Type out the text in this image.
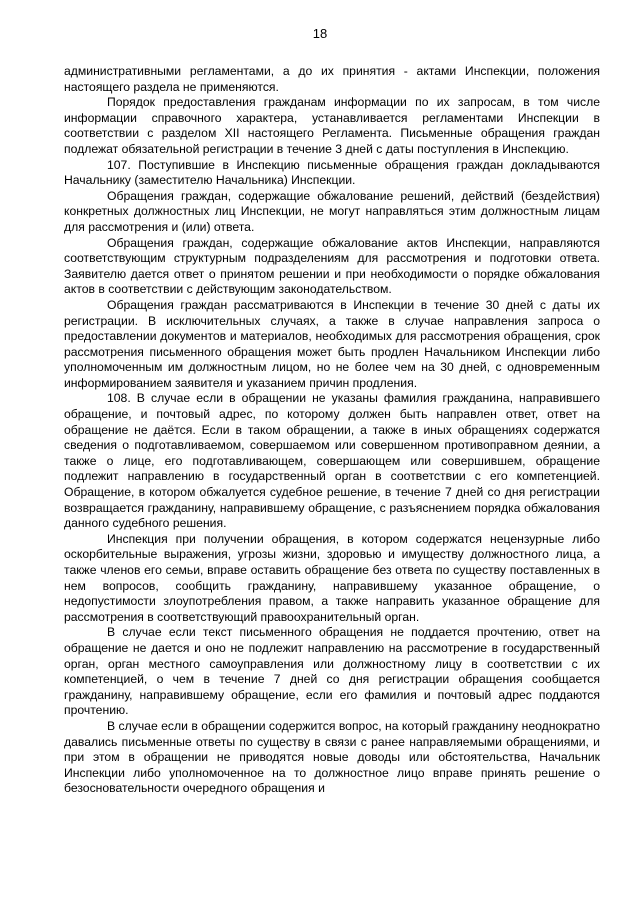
18

административными регламентами, а до их принятия - актами Инспекции, положения настоящего раздела не применяются.

Порядок предоставления гражданам информации по их запросам, в том числе информации справочного характера, устанавливается регламентами Инспекции в соответствии с разделом XII настоящего Регламента. Письменные обращения граждан подлежат обязательной регистрации в течение 3 дней с даты поступления в Инспекцию.

107. Поступившие в Инспекцию письменные обращения граждан докладываются Начальнику (заместителю Начальника) Инспекции.

Обращения граждан, содержащие обжалование решений, действий (бездействия) конкретных должностных лиц Инспекции, не могут направляться этим должностным лицам для рассмотрения и (или) ответа.

Обращения граждан, содержащие обжалование актов Инспекции, направляются соответствующим структурным подразделениям для рассмотрения и подготовки ответа. Заявителю дается ответ о принятом решении и при необходимости о порядке обжалования актов в соответствии с действующим законодательством.

Обращения граждан рассматриваются в Инспекции в течение 30 дней с даты их регистрации. В исключительных случаях, а также в случае направления запроса о предоставлении документов и материалов, необходимых для рассмотрения обращения, срок рассмотрения письменного обращения может быть продлен Начальником Инспекции либо уполномоченным им должностным лицом, но не более чем на 30 дней, с одновременным информированием заявителя и указанием причин продления.

108. В случае если в обращении не указаны фамилия гражданина, направившего обращение, и почтовый адрес, по которому должен быть направлен ответ, ответ на обращение не даётся. Если в таком обращении, а также в иных обращениях содержатся сведения о подготавливаемом, совершаемом или совершенном противоправном деянии, а также о лице, его подготавливающем, совершающем или совершившем, обращение подлежит направлению в государственный орган в соответствии с его компетенцией. Обращение, в котором обжалуется судебное решение, в течение 7 дней со дня регистрации возвращается гражданину, направившему обращение, с разъяснением порядка обжалования данного судебного решения.

Инспекция при получении обращения, в котором содержатся нецензурные либо оскорбительные выражения, угрозы жизни, здоровью и имуществу должностного лица, а также членов его семьи, вправе оставить обращение без ответа по существу поставленных в нем вопросов, сообщить гражданину, направившему указанное обращение, о недопустимости злоупотребления правом, а также направить указанное обращение для рассмотрения в соответствующий правоохранительный орган.

В случае если текст письменного обращения не поддается прочтению, ответ на обращение не дается и оно не подлежит направлению на рассмотрение в государственный орган, орган местного самоуправления или должностному лицу в соответствии с их компетенцией, о чем в течение 7 дней со дня регистрации обращения сообщается гражданину, направившему обращение, если его фамилия и почтовый адрес поддаются прочтению.

В случае если в обращении содержится вопрос, на который гражданину неоднократно давались письменные ответы по существу в связи с ранее направляемыми обращениями, и при этом в обращении не приводятся новые доводы или обстоятельства, Начальник Инспекции либо уполномоченное на то должностное лицо вправе принять решение о безосновательности очередного обращения и
